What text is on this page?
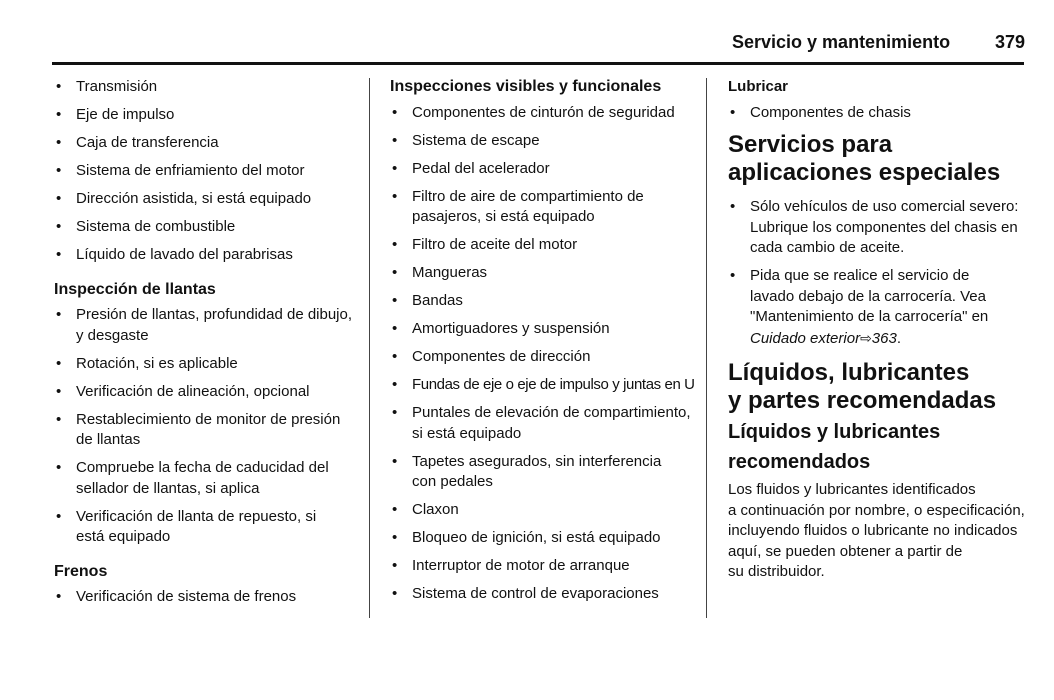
Servicio y mantenimiento 379
• Transmisión
• Eje de impulso
• Caja de transferencia
• Sistema de enfriamiento del motor
• Dirección asistida, si está equipado
• Sistema de combustible
• Líquido de lavado del parabrisas
Inspección de llantas
• Presión de llantas, profundidad de dibujo,
y desgaste
• Rotación, si es aplicable
• Verificación de alineación, opcional
• Restablecimiento de monitor de presión
de llantas
• Compruebe la fecha de caducidad del
sellador de llantas, si aplica
• Verificación de llanta de repuesto, si
está equipado
Frenos
• Verificación de sistema de frenos
Inspecciones visibles y funcionales
• Componentes de cinturón de seguridad
• Sistema de escape
• Pedal del acelerador
• Filtro de aire de compartimiento de
pasajeros, si está equipado
• Filtro de aceite del motor
• Mangueras
• Bandas
• Amortiguadores y suspensión
• Componentes de dirección
• Fundas de eje o eje de impulso y juntas en U
• Puntales de elevación de compartimiento,
si está equipado
• Tapetes asegurados, sin interferencia
con pedales
• Claxon
• Bloqueo de ignición, si está equipado
• Interruptor de motor de arranque
• Sistema de control de evaporaciones
Lubricar
• Componentes de chasis
Servicios para
aplicaciones especiales
• Sólo vehículos de uso comercial severo:
Lubrique los componentes del chasis en
cada cambio de aceite.
• Pida que se realice el servicio de
lavado debajo de la carrocería. Vea
"Mantenimiento de la carrocería" en
Cuidado exterior⇨363.
Líquidos, lubricantes
y partes recomendadas
Líquidos y lubricantes
recomendados
Los fluidos y lubricantes identificados
a continuación por nombre, o especificación,
incluyendo fluidos o lubricante no indicados
aquí, se pueden obtener a partir de
su distribuidor.
